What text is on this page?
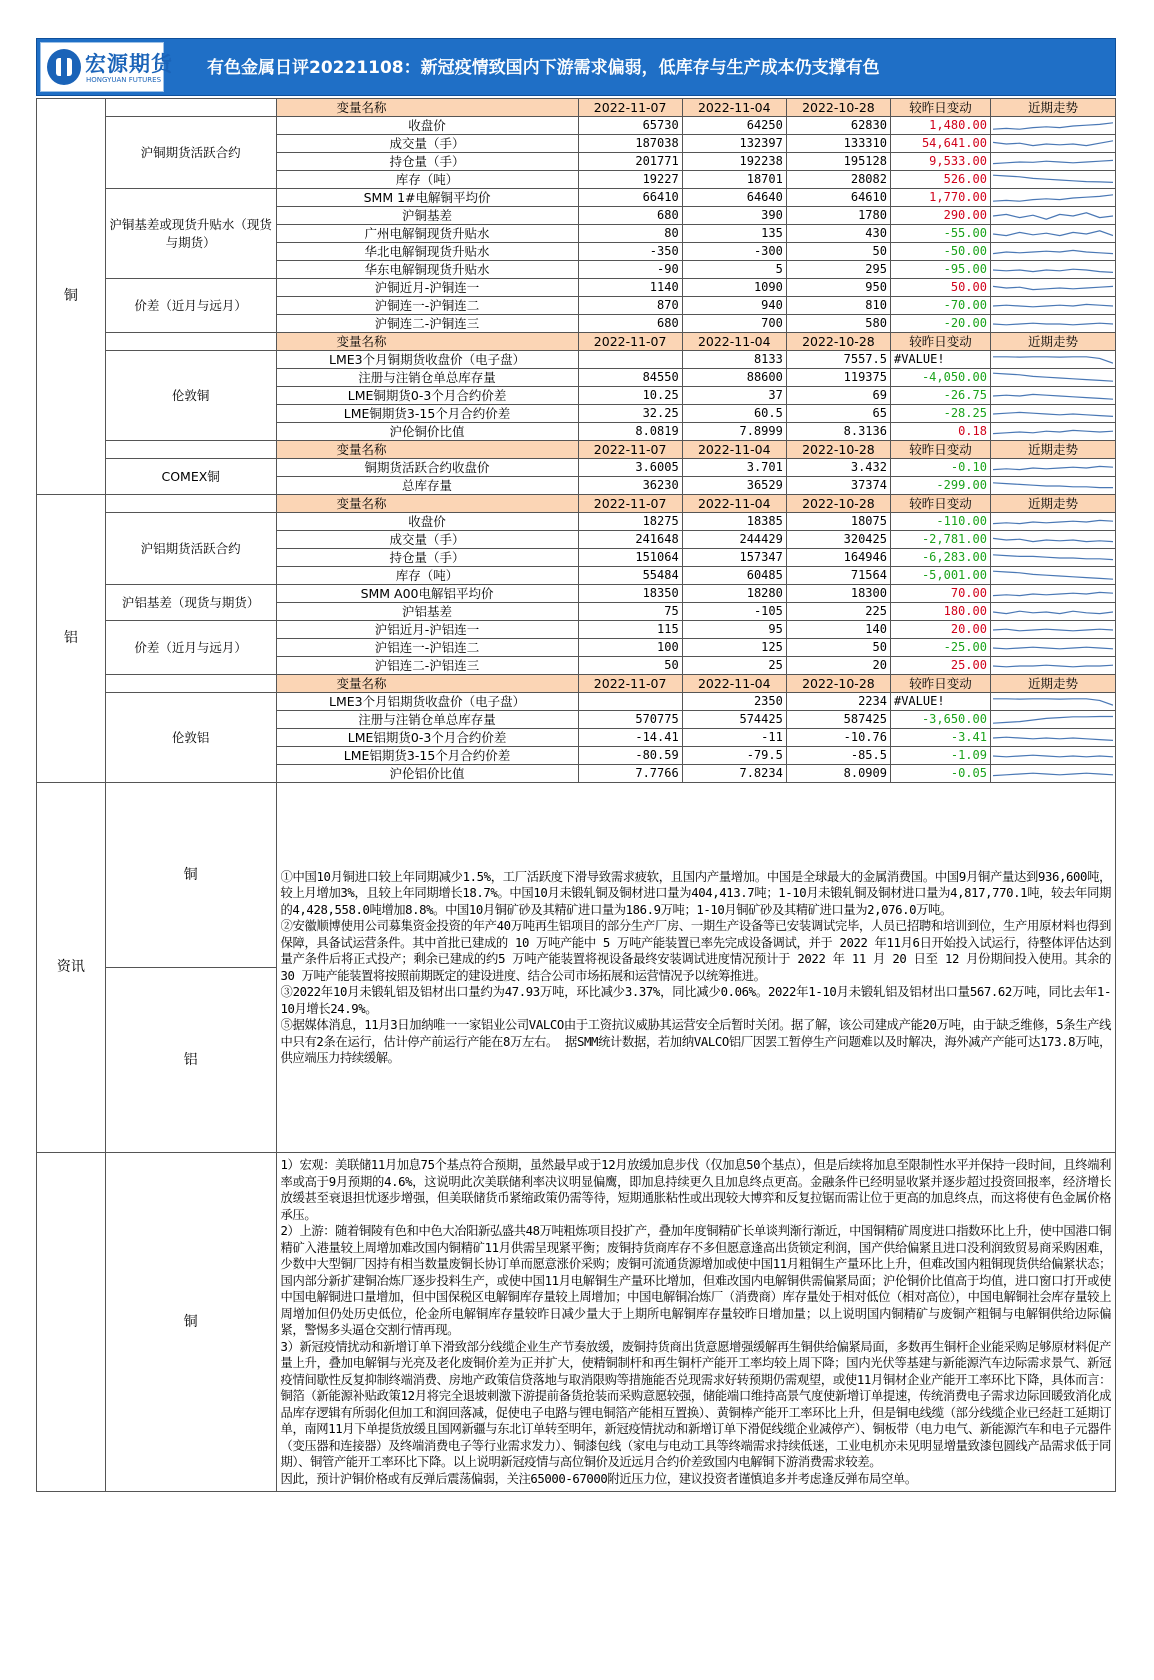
宏源期货
HONGYUAN FUTURES
有色金属日评20221108：新冠疫情致国内下游需求偏弱，低库存与生产成本仍支撑有色
铜		变量名称	2022-11-07	2022-11-04	2022-10-28	较昨日变动	近期走势
	沪铜期货活跃合约	收盘价	65730	64250	62830	1,480.00	

		成交量（手）	187038	132397	133310	54,641.00	

		持仓量（手）	201771	192238	195128	9,533.00	

		库存（吨）	19227	18701	28082	526.00	

	沪铜基差或现货升贴水（现货与期货）	SMM 1#电解铜平均价	66410	64640	64610	1,770.00	

		沪铜基差	680	390	1780	290.00	

		广州电解铜现货升贴水	80	135	430	-55.00	

		华北电解铜现货升贴水	-350	-300	50	-50.00	

		华东电解铜现货升贴水	-90	5	295	-95.00	

	价差（近月与远月）	沪铜近月-沪铜连一	1140	1090	950	50.00	

		沪铜连一-沪铜连二	870	940	810	-70.00	

		沪铜连二-沪铜连三	680	700	580	-20.00	

		变量名称	2022-11-07	2022-11-04	2022-10-28	较昨日变动	近期走势
	伦敦铜	LME3个月铜期货收盘价（电子盘）		8133	7557.5	#VALUE!	

		注册与注销仓单总库存量	84550	88600	119375	-4,050.00	

		LME铜期货0-3个月合约价差	10.25	37	69	-26.75	

		LME铜期货3-15个月合约价差	32.25	60.5	65	-28.25	

		沪伦铜价比值	8.0819	7.8999	8.3136	0.18	

		变量名称	2022-11-07	2022-11-04	2022-10-28	较昨日变动	近期走势
	COMEX铜	铜期货活跃合约收盘价	3.6005	3.701	3.432	-0.10	

		总库存量	36230	36529	37374	-299.00	

铝		变量名称	2022-11-07	2022-11-04	2022-10-28	较昨日变动	近期走势
	沪铝期货活跃合约	收盘价	18275	18385	18075	-110.00	

		成交量（手）	241648	244429	320425	-2,781.00	

		持仓量（手）	151064	157347	164946	-6,283.00	

		库存（吨）	55484	60485	71564	-5,001.00	

	沪铝基差（现货与期货）	SMM A00电解铝平均价	18350	18280	18300	70.00	

		沪铝基差	75	-105	225	180.00	

	价差（近月与远月）	沪铝近月-沪铝连一	115	95	140	20.00	

		沪铝连一-沪铝连二	100	125	50	-25.00	

		沪铝连二-沪铝连三	50	25	20	25.00	

		变量名称	2022-11-07	2022-11-04	2022-10-28	较昨日变动	近期走势
	伦敦铝	LME3个月铝期货收盘价（电子盘）		2350	2234	#VALUE!	

		注册与注销仓单总库存量	570775	574425	587425	-3,650.00	

		LME铝期货0-3个月合约价差	-14.41	-11	-10.76	-3.41	

		LME铝期货3-15个月合约价差	-80.59	-79.5	-85.5	-1.09	

		沪伦铝价比值	7.7766	7.8234	8.0909	-0.05	

资讯	铜	①中国10月铜进口较上年同期减少1.5%，工厂活跃度下滑导致需求疲软，且国内产量增加。中国是全球最大的金属消费国。中国9月铜产量达到936,600吨，较上月增加3%，且较上年同期增长18.7%。中国10月未锻轧铜及铜材进口量为404,413.7吨；1-10月未锻轧铜及铜材进口量为4,817,770.1吨，较去年同期的4,428,558.0吨增加8.8%。中国10月铜矿砂及其精矿进口量为186.9万吨；1-10月铜矿砂及其精矿进口量为2,076.0万吨。

②安徽顺博使用公司募集资金投资的年产40万吨再生铝项目的部分生产厂房、一期生产设备等已安装调试完毕，人员已招聘和培训到位，生产用原材料也得到保障，具备试运营条件。其中首批已建成的 10 万吨产能中 5 万吨产能装置已率先完成设备调试，并于 2022 年11月6日开始投入试运行，待整体评估达到量产条件后将正式投产；剩余已建成的约5 万吨产能装置将视设备最终安装调试进度情况预计于 2022 年 11 月 20 日至 12 月份期间投入使用。其余的 30 万吨产能装置将按照前期既定的建设进度、结合公司市场拓展和运营情况予以统筹推进。

③2022年10月未锻轧铝及铝材出口量约为47.93万吨，环比减少3.37%，同比减少0.06%。2022年1-10月未锻轧铝及铝材出口量567.62万吨，同比去年1-10月增长24.9%。

⑤据媒体消息，11月3日加纳唯一一家铝业公司VALCO由于工资抗议威胁其运营安全后暂时关闭。据了解，该公司建成产能20万吨，由于缺乏维修，5条生产线中只有2条在运行，估计停产前运行产能在8万左右。 据SMM统计数据，若加纳VALCO铝厂因罢工暂停生产问题难以及时解决，海外减产产能可达173.8万吨，供应端压力持续缓解。					

	铝						
	铜	1）宏观：美联储11月加息75个基点符合预期，虽然最早或于12月放缓加息步伐（仅加息50个基点），但是后续将加息至限制性水平并保持一段时间，且终端利率或高于9月预期的4.6%，这说明此次美联储利率决议明显偏鹰，即加息持续更久且加息终点更高。金融条件已经明显收紧并逐步超过投资回报率，经济增长放缓甚至衰退担忧逐步增强，但美联储货币紧缩政策仍需等待，短期通胀粘性或出现较大博弈和反复拉锯而需让位于更高的加息终点，而这将使有色金属价格承压。

2）上游：随着铜陵有色和中色大冶阳新弘盛共48万吨粗炼项目投扩产，叠加年度铜精矿长单谈判渐行渐近，中国铜精矿周度进口指数环比上升，使中国港口铜精矿入港量较上周增加难改国内铜精矿11月供需呈现紧平衡；废铜持货商库存不多但愿意逢高出货锁定利润，国产供给偏紧且进口没利润致贸易商采购困难，少数中大型铜厂因持有相当数量废铜长协订单而愿意涨价采购；废铜可流通货源增加或使中国11月粗铜生产量环比上升，但难改国内粗铜现货供给偏紧状态；国内部分新扩建铜冶炼厂逐步投料生产，或使中国11月电解铜生产量环比增加，但难改国内电解铜供需偏紧局面；沪伦铜价比值高于均值，进口窗口打开或使中国电解铜进口量增加，但中国保税区电解铜库存量较上周增加；中国电解铜冶炼厂（消费商）库存量处于相对低位（相对高位），中国电解铜社会库存量较上周增加但仍处历史低位，伦金所电解铜库存量较昨日减少量大于上期所电解铜库存量较昨日增加量；以上说明国内铜精矿与废铜产粗铜与电解铜供给边际偏紧，警惕多头逼仓交割行情再现。

3）新冠疫情扰动和新增订单下滑致部分线缆企业生产节奏放缓，废铜持货商出货意愿增强缓解再生铜供给偏紧局面，多数再生铜杆企业能采购足够原材料促产量上升，叠加电解铜与光亮及老化废铜价差为正并扩大，使精铜制杆和再生铜杆产能开工率均较上周下降；国内光伏等基建与新能源汽车边际需求景气、新冠疫情间歇性反复抑制终端消费、房地产政策信贷落地与取消限购等措施能否兑现需求好转预期仍需观望，或使11月铜材企业产能开工率环比下降，具体而言：铜箔（新能源补贴政策12月将完全退坡刺激下游提前备货抢装而采购意愿较强，储能端口维持高景气度使新增订单提速，传统消费电子需求边际回暖致消化成品库存逻辑有所弱化但加工和润回落减，促使电子电路与锂电铜箔产能相互置换）、黄铜棒产能开工率环比上升，但是铜电线缆（部分线缆企业已经赶工延期订单，南网11月下单提货放缓且国网新疆与东北订单转至明年，新冠疫情扰动和新增订单下滑促线缆企业减停产）、铜板带（电力电气、新能源汽车和电子元器件（变压器和连接器）及终端消费电子等行业需求发力）、铜漆包线（家电与电动工具等终端需求持续低迷，工业电机亦未见明显增量致漆包圆线产品需求低于同期）、铜管产能开工率环比下降。以上说明新冠疫情与高位铜价及近远月合约价差致国内电解铜下游消费需求较差。

因此，预计沪铜价格或有反弹后震荡偏弱，关注65000-67000附近压力位，建议投资者谨慎追多并考虑逢反弹布局空单。					
